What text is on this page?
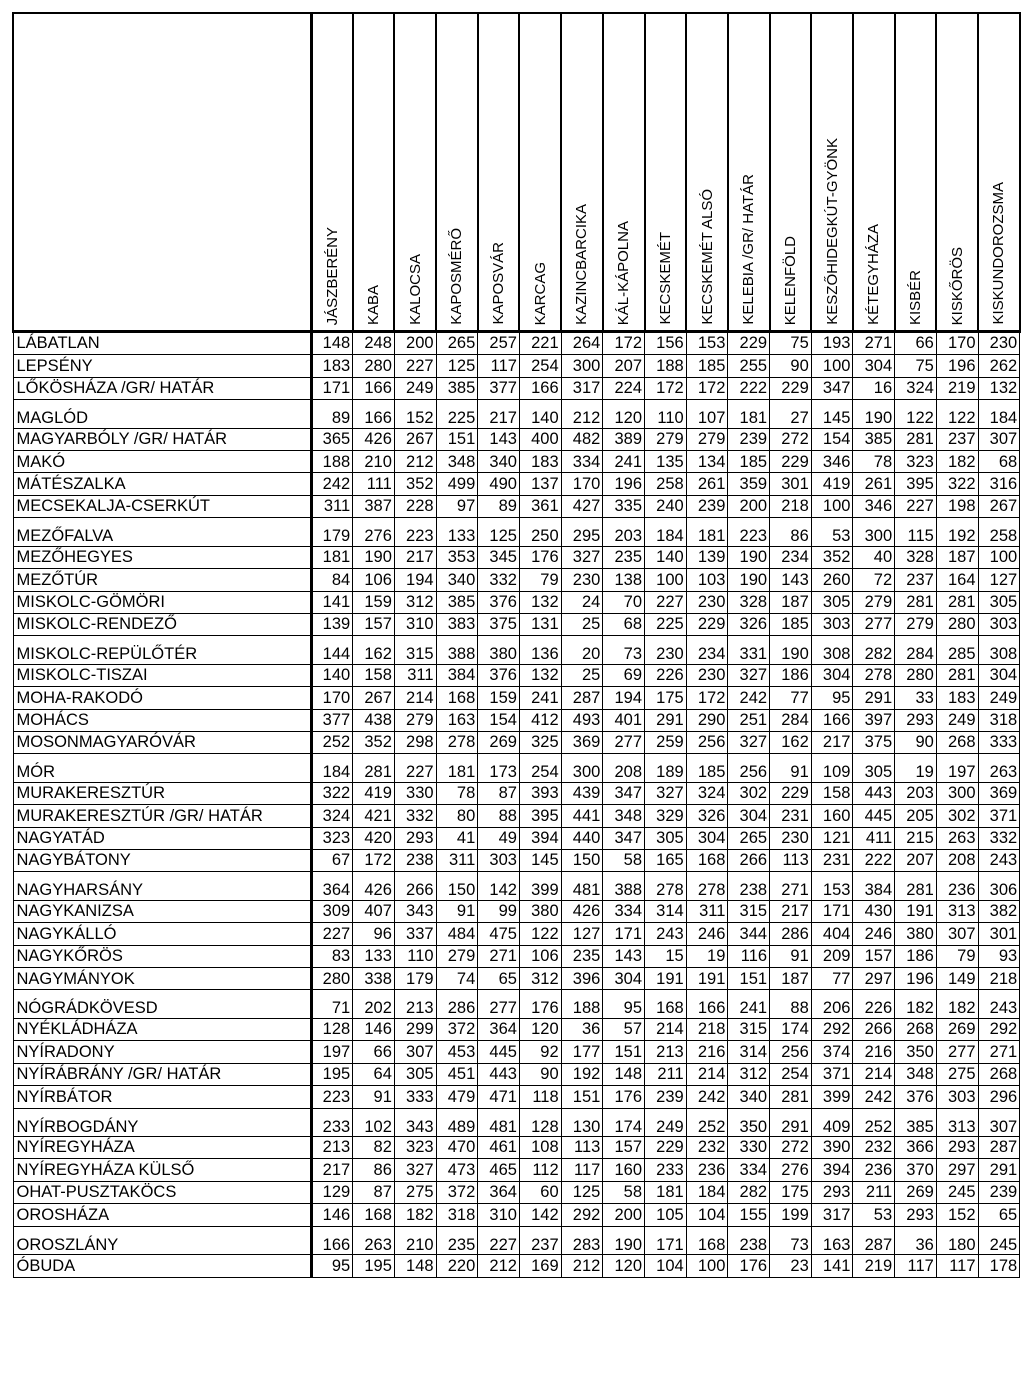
	JÁSZBERÉNY	KABA	KALOCSA	KAPOSMÉRŐ	KAPOSVÁR	KARCAG	KAZINCBARCIKA	KÁL-KÁPOLNA	KECSKEMÉT	KECSKEMÉT ALSÓ	KELEBIA /GR/ HATÁR	KELENFÖLD	KESZŐHIDEGKÚT-GYÖNK	KÉTEGYHÁZA	KISBÉR	KISKŐRÖS	KISKUNDOROZSMA
LÁBATLAN	148	248	200	265	257	221	264	172	156	153	229	75	193	271	66	170	230
LEPSÉNY	183	280	227	125	117	254	300	207	188	185	255	90	100	304	75	196	262
LŐKÖSHÁZA /GR/ HATÁR	171	166	249	385	377	166	317	224	172	172	222	229	347	16	324	219	132
MAGLÓD	89	166	152	225	217	140	212	120	110	107	181	27	145	190	122	122	184
MAGYARBÓLY /GR/ HATÁR	365	426	267	151	143	400	482	389	279	279	239	272	154	385	281	237	307
MAKÓ	188	210	212	348	340	183	334	241	135	134	185	229	346	78	323	182	68
MÁTÉSZALKA	242	111	352	499	490	137	170	196	258	261	359	301	419	261	395	322	316
MECSEKALJA-CSERKÚT	311	387	228	97	89	361	427	335	240	239	200	218	100	346	227	198	267
MEZŐFALVA	179	276	223	133	125	250	295	203	184	181	223	86	53	300	115	192	258
MEZŐHEGYES	181	190	217	353	345	176	327	235	140	139	190	234	352	40	328	187	100
MEZŐTÚR	84	106	194	340	332	79	230	138	100	103	190	143	260	72	237	164	127
MISKOLC-GÖMÖRI	141	159	312	385	376	132	24	70	227	230	328	187	305	279	281	281	305
MISKOLC-RENDEZŐ	139	157	310	383	375	131	25	68	225	229	326	185	303	277	279	280	303
MISKOLC-REPÜLŐTÉR	144	162	315	388	380	136	20	73	230	234	331	190	308	282	284	285	308
MISKOLC-TISZAI	140	158	311	384	376	132	25	69	226	230	327	186	304	278	280	281	304
MOHA-RAKODÓ	170	267	214	168	159	241	287	194	175	172	242	77	95	291	33	183	249
MOHÁCS	377	438	279	163	154	412	493	401	291	290	251	284	166	397	293	249	318
MOSONMAGYARÓVÁR	252	352	298	278	269	325	369	277	259	256	327	162	217	375	90	268	333
MÓR	184	281	227	181	173	254	300	208	189	185	256	91	109	305	19	197	263
MURAKERESZTÚR	322	419	330	78	87	393	439	347	327	324	302	229	158	443	203	300	369
MURAKERESZTÚR /GR/ HATÁR	324	421	332	80	88	395	441	348	329	326	304	231	160	445	205	302	371
NAGYATÁD	323	420	293	41	49	394	440	347	305	304	265	230	121	411	215	263	332
NAGYBÁTONY	67	172	238	311	303	145	150	58	165	168	266	113	231	222	207	208	243
NAGYHARSÁNY	364	426	266	150	142	399	481	388	278	278	238	271	153	384	281	236	306
NAGYKANIZSA	309	407	343	91	99	380	426	334	314	311	315	217	171	430	191	313	382
NAGYKÁLLÓ	227	96	337	484	475	122	127	171	243	246	344	286	404	246	380	307	301
NAGYKŐRÖS	83	133	110	279	271	106	235	143	15	19	116	91	209	157	186	79	93
NAGYMÁNYOK	280	338	179	74	65	312	396	304	191	191	151	187	77	297	196	149	218
NÓGRÁDKÖVESD	71	202	213	286	277	176	188	95	168	166	241	88	206	226	182	182	243
NYÉKLÁDHÁZA	128	146	299	372	364	120	36	57	214	218	315	174	292	266	268	269	292
NYÍRADONY	197	66	307	453	445	92	177	151	213	216	314	256	374	216	350	277	271
NYÍRÁBRÁNY /GR/ HATÁR	195	64	305	451	443	90	192	148	211	214	312	254	371	214	348	275	268
NYÍRBÁTOR	223	91	333	479	471	118	151	176	239	242	340	281	399	242	376	303	296
NYÍRBOGDÁNY	233	102	343	489	481	128	130	174	249	252	350	291	409	252	385	313	307
NYÍREGYHÁZA	213	82	323	470	461	108	113	157	229	232	330	272	390	232	366	293	287
NYÍREGYHÁZA KÜLSŐ	217	86	327	473	465	112	117	160	233	236	334	276	394	236	370	297	291
OHAT-PUSZTAKÖCS	129	87	275	372	364	60	125	58	181	184	282	175	293	211	269	245	239
OROSHÁZA	146	168	182	318	310	142	292	200	105	104	155	199	317	53	293	152	65
OROSZLÁNY	166	263	210	235	227	237	283	190	171	168	238	73	163	287	36	180	245
ÓBUDA	95	195	148	220	212	169	212	120	104	100	176	23	141	219	117	117	178
